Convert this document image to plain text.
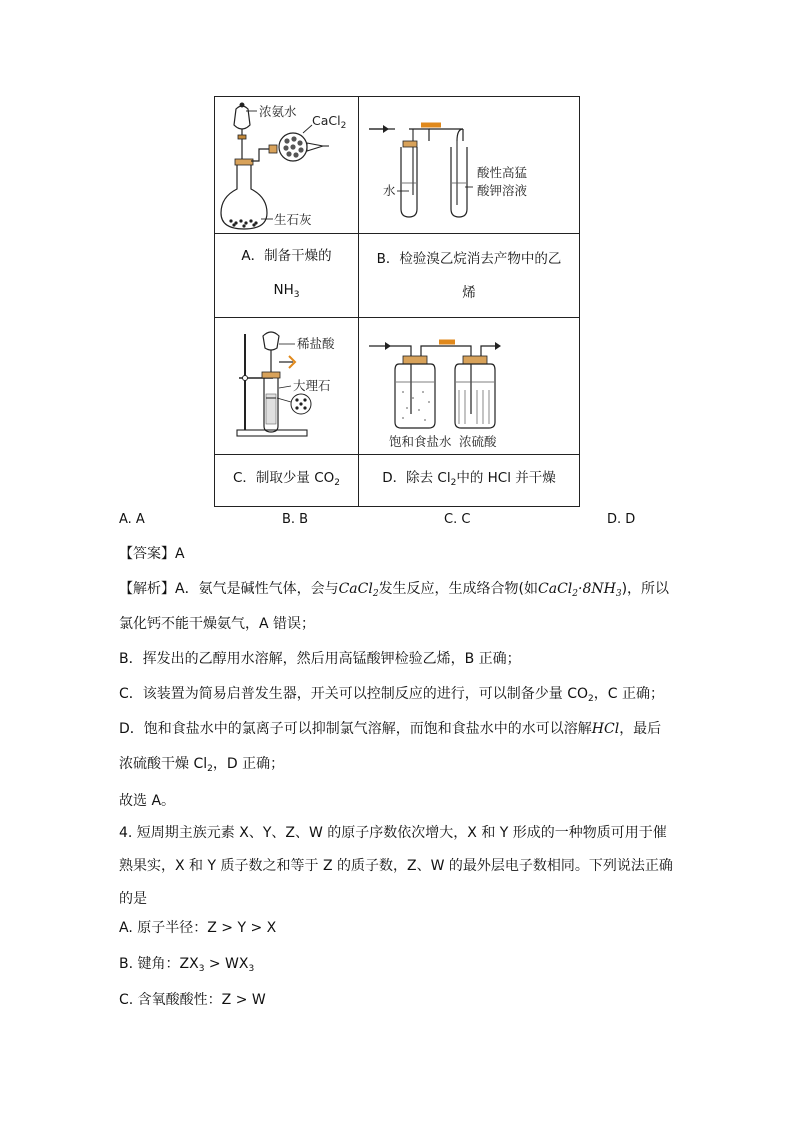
浓氨水
CaCl$_2$
生石灰	水
酸性高猛
酸钾溶液

A．制备干燥的
$NH_3$	B．检验溴乙烷消去产物中的乙
烯

稀盐酸
大理石	饱和食盐水 浓硫酸

C．制取少量 $CO_2$	D．除去 $Cl_2$中的 HCl 并干燥
A. A	B. B	C. C	D. D
【答案】A
【解析】A．氨气是碱性气体，会与CaCl$_2$发生反应，生成络合物(如$CaCl_2\cdot 8NH_3$)，所以
氯化钙不能干燥氨气，A 错误；
B．挥发出的乙醇用水溶解，然后用高锰酸钾检验乙烯，B 正确；
C．该装置为简易启普发生器，开关可以控制反应的进行，可以制备少量 $CO_2$，C 正确；
D．饱和食盐水中的氯离子可以抑制氯气溶解，而饱和食盐水中的水可以溶解HCl，最后
浓硫酸干燥 $Cl_2$，D 正确；
故选 A。
4. 短周期主族元素 X、Y、Z、W 的原子序数依次增大，X 和 Y 形成的一种物质可用于催
熟果实，X 和 Y 质子数之和等于 Z 的质子数，Z、W 的最外层电子数相同。下列说法正确
的是
A. 原子半径：Z > Y > X
B. 键角：$ZX_3 > WX_3$
C. 含氧酸酸性：Z > W
